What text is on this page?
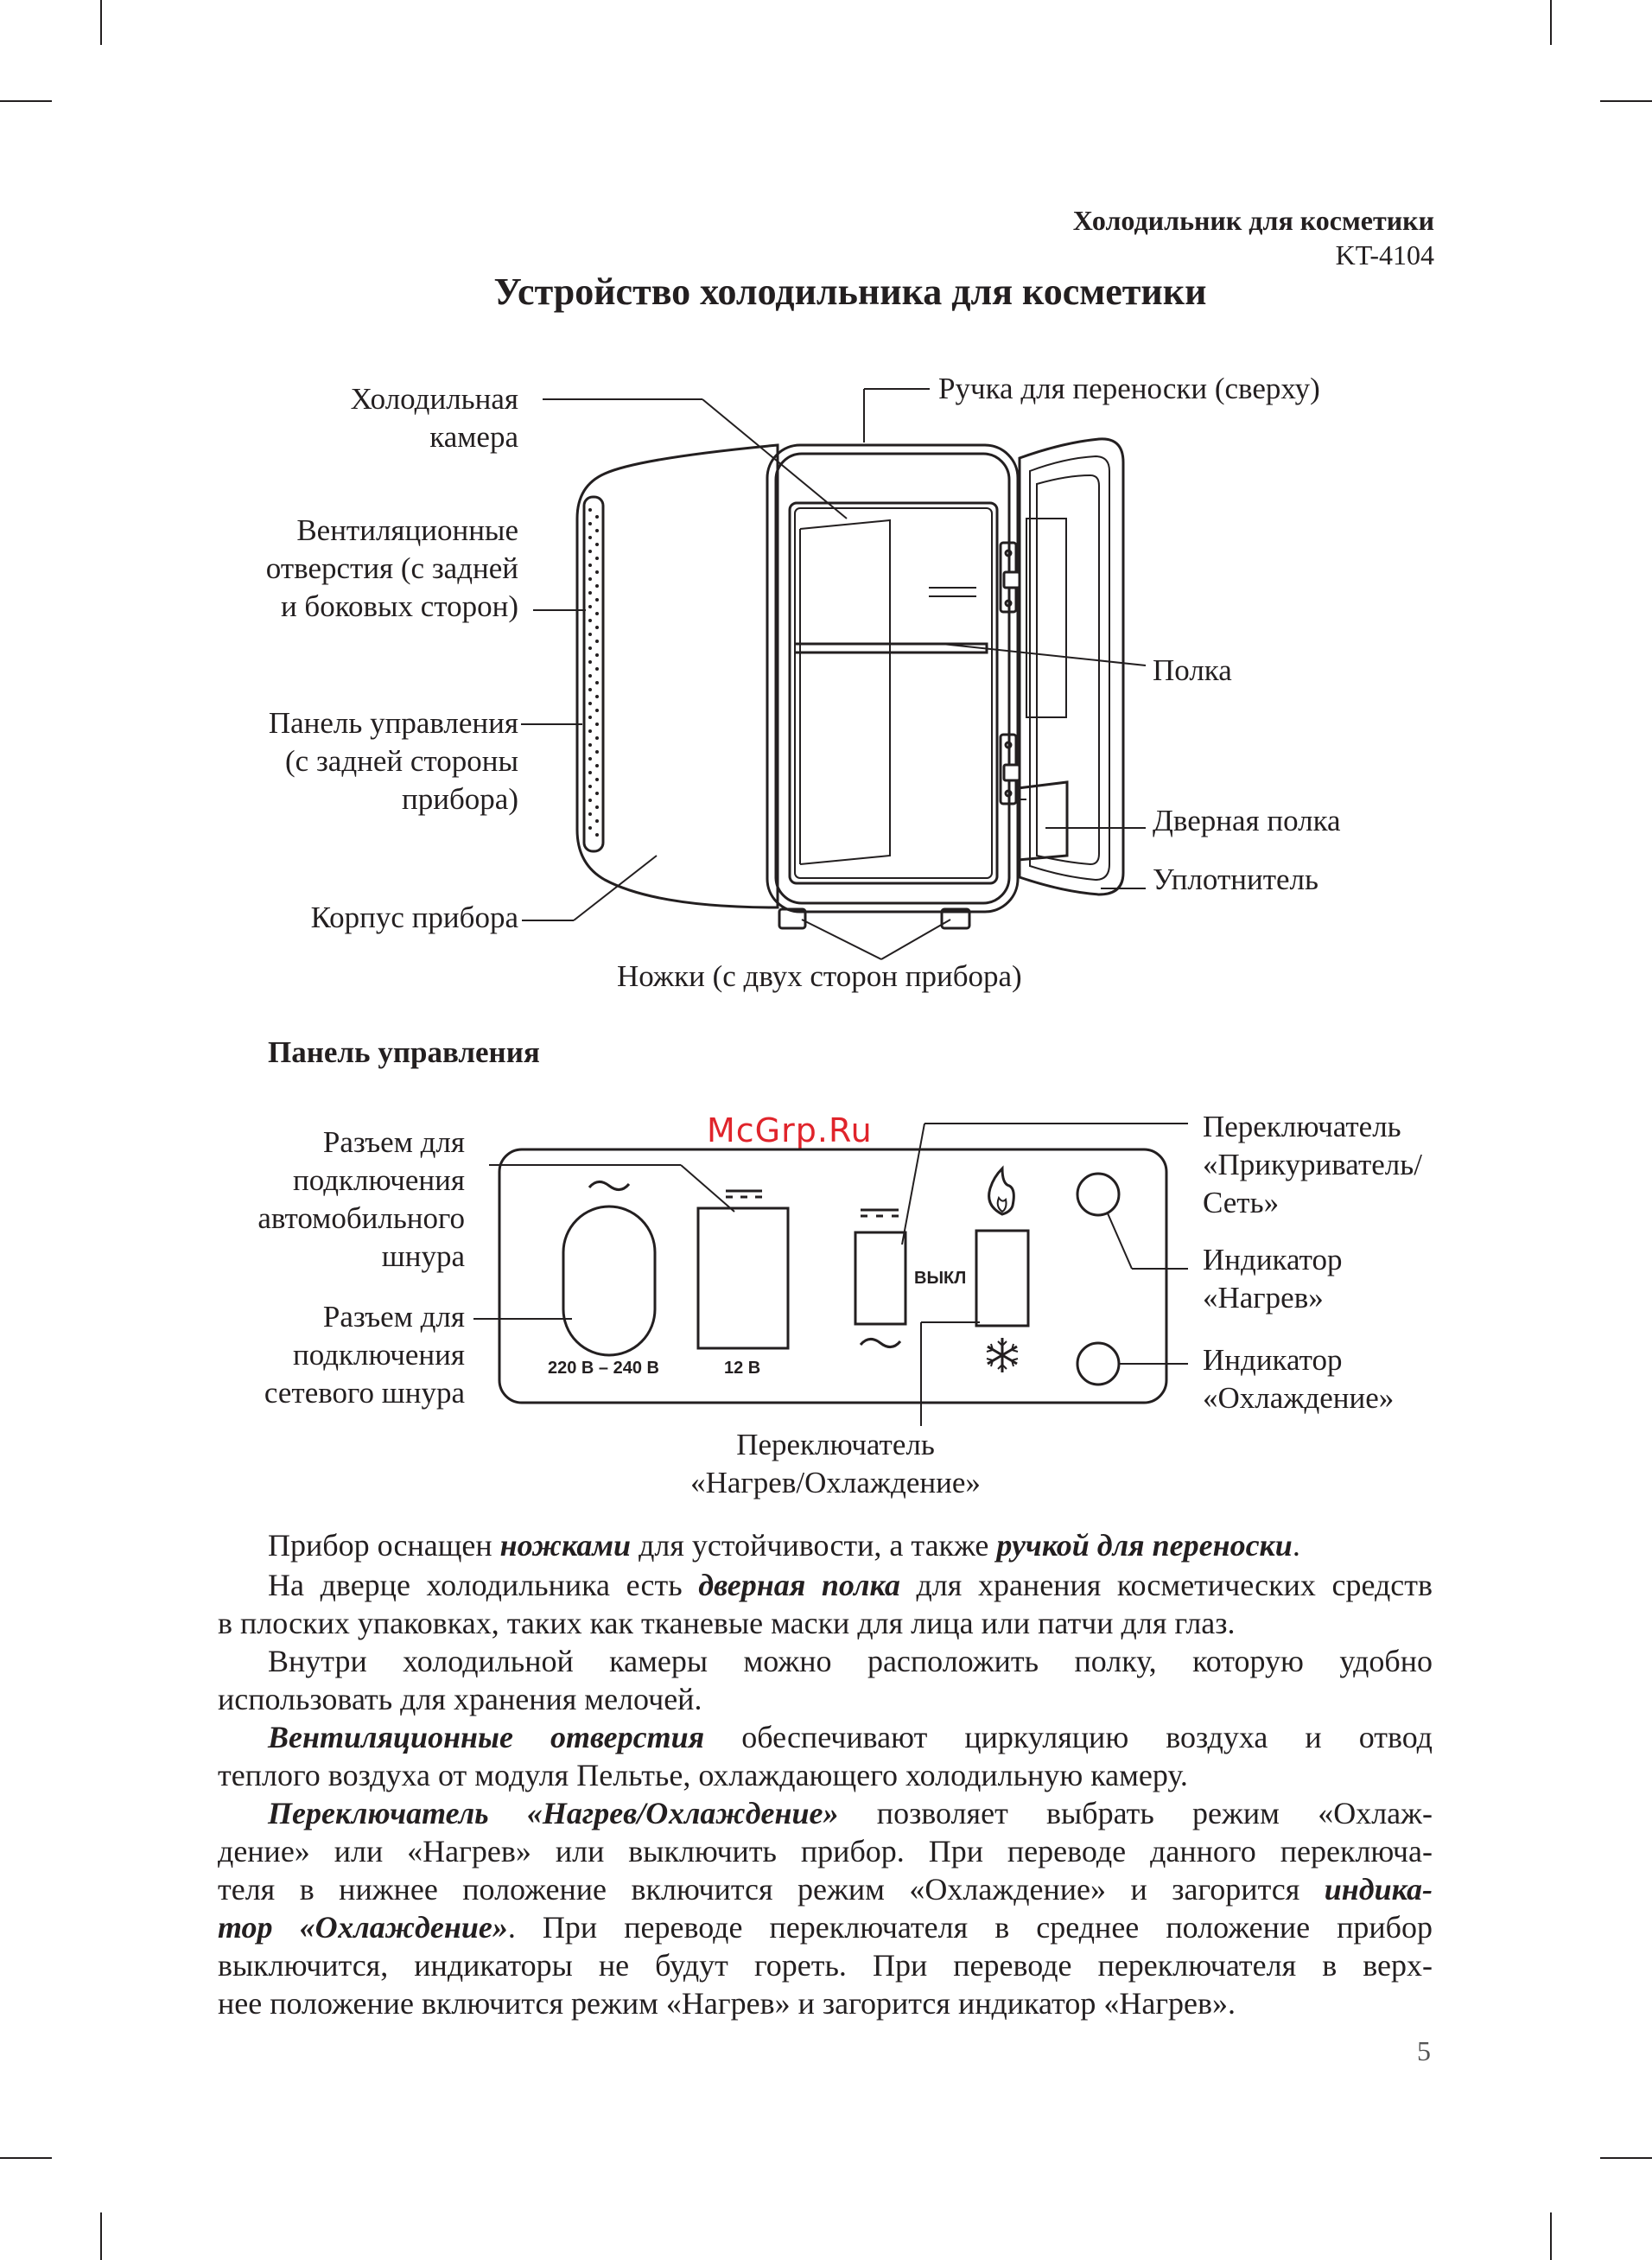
Холодильник для косметики
KT-4104
Устройство холодильника для косметики
Холодильная
камера
Вентиляционные
отверстия (с задней
и боковых сторон)
Панель управления
(с задней стороны
прибора)
Корпус прибора
Ручка для переноски (сверху)
Полка
Дверная полка
Уплотнитель
Ножки (с двух сторон прибора)
Панель управления
McGrp.Ru
220 В – 240 В	12 В
ВЫКЛ
Разъем для
подключения
автомобильного
шнура
Разъем для
подключения
сетевого шнура
Переключатель
«Прикуриватель/
Сеть»
Индикатор
«Нагрев»
Индикатор
«Охлаждение»
Переключатель
«Нагрев/Охлаждение»
Прибор оснащен ножками для устойчивости, а также ручкой для переноски.
На дверце холодильника есть дверная полка для хранения косметических средств
в плоских упаковках, таких как тканевые маски для лица или патчи для глаз.
Внутри холодильной камеры можно расположить полку, которую удобно
использовать для хранения мелочей.
Вентиляционные отверстия обеспечивают циркуляцию воздуха и отвод
теплого воздуха от модуля Пельтье, охлаждающего холодильную камеру.
Переключатель «Нагрев/Охлаждение» позволяет выбрать режим «Охлаж-
дение» или «Нагрев» или выключить прибор. При переводе данного переключа-
теля в нижнее положение включится режим «Охлаждение» и загорится индика-
тор «Охлаждение». При переводе переключателя в среднее положение прибор
выключится, индикаторы не будут гореть. При переводе переключателя в верх-
нее положение включится режим «Нагрев» и загорится индикатор «Нагрев».
5
